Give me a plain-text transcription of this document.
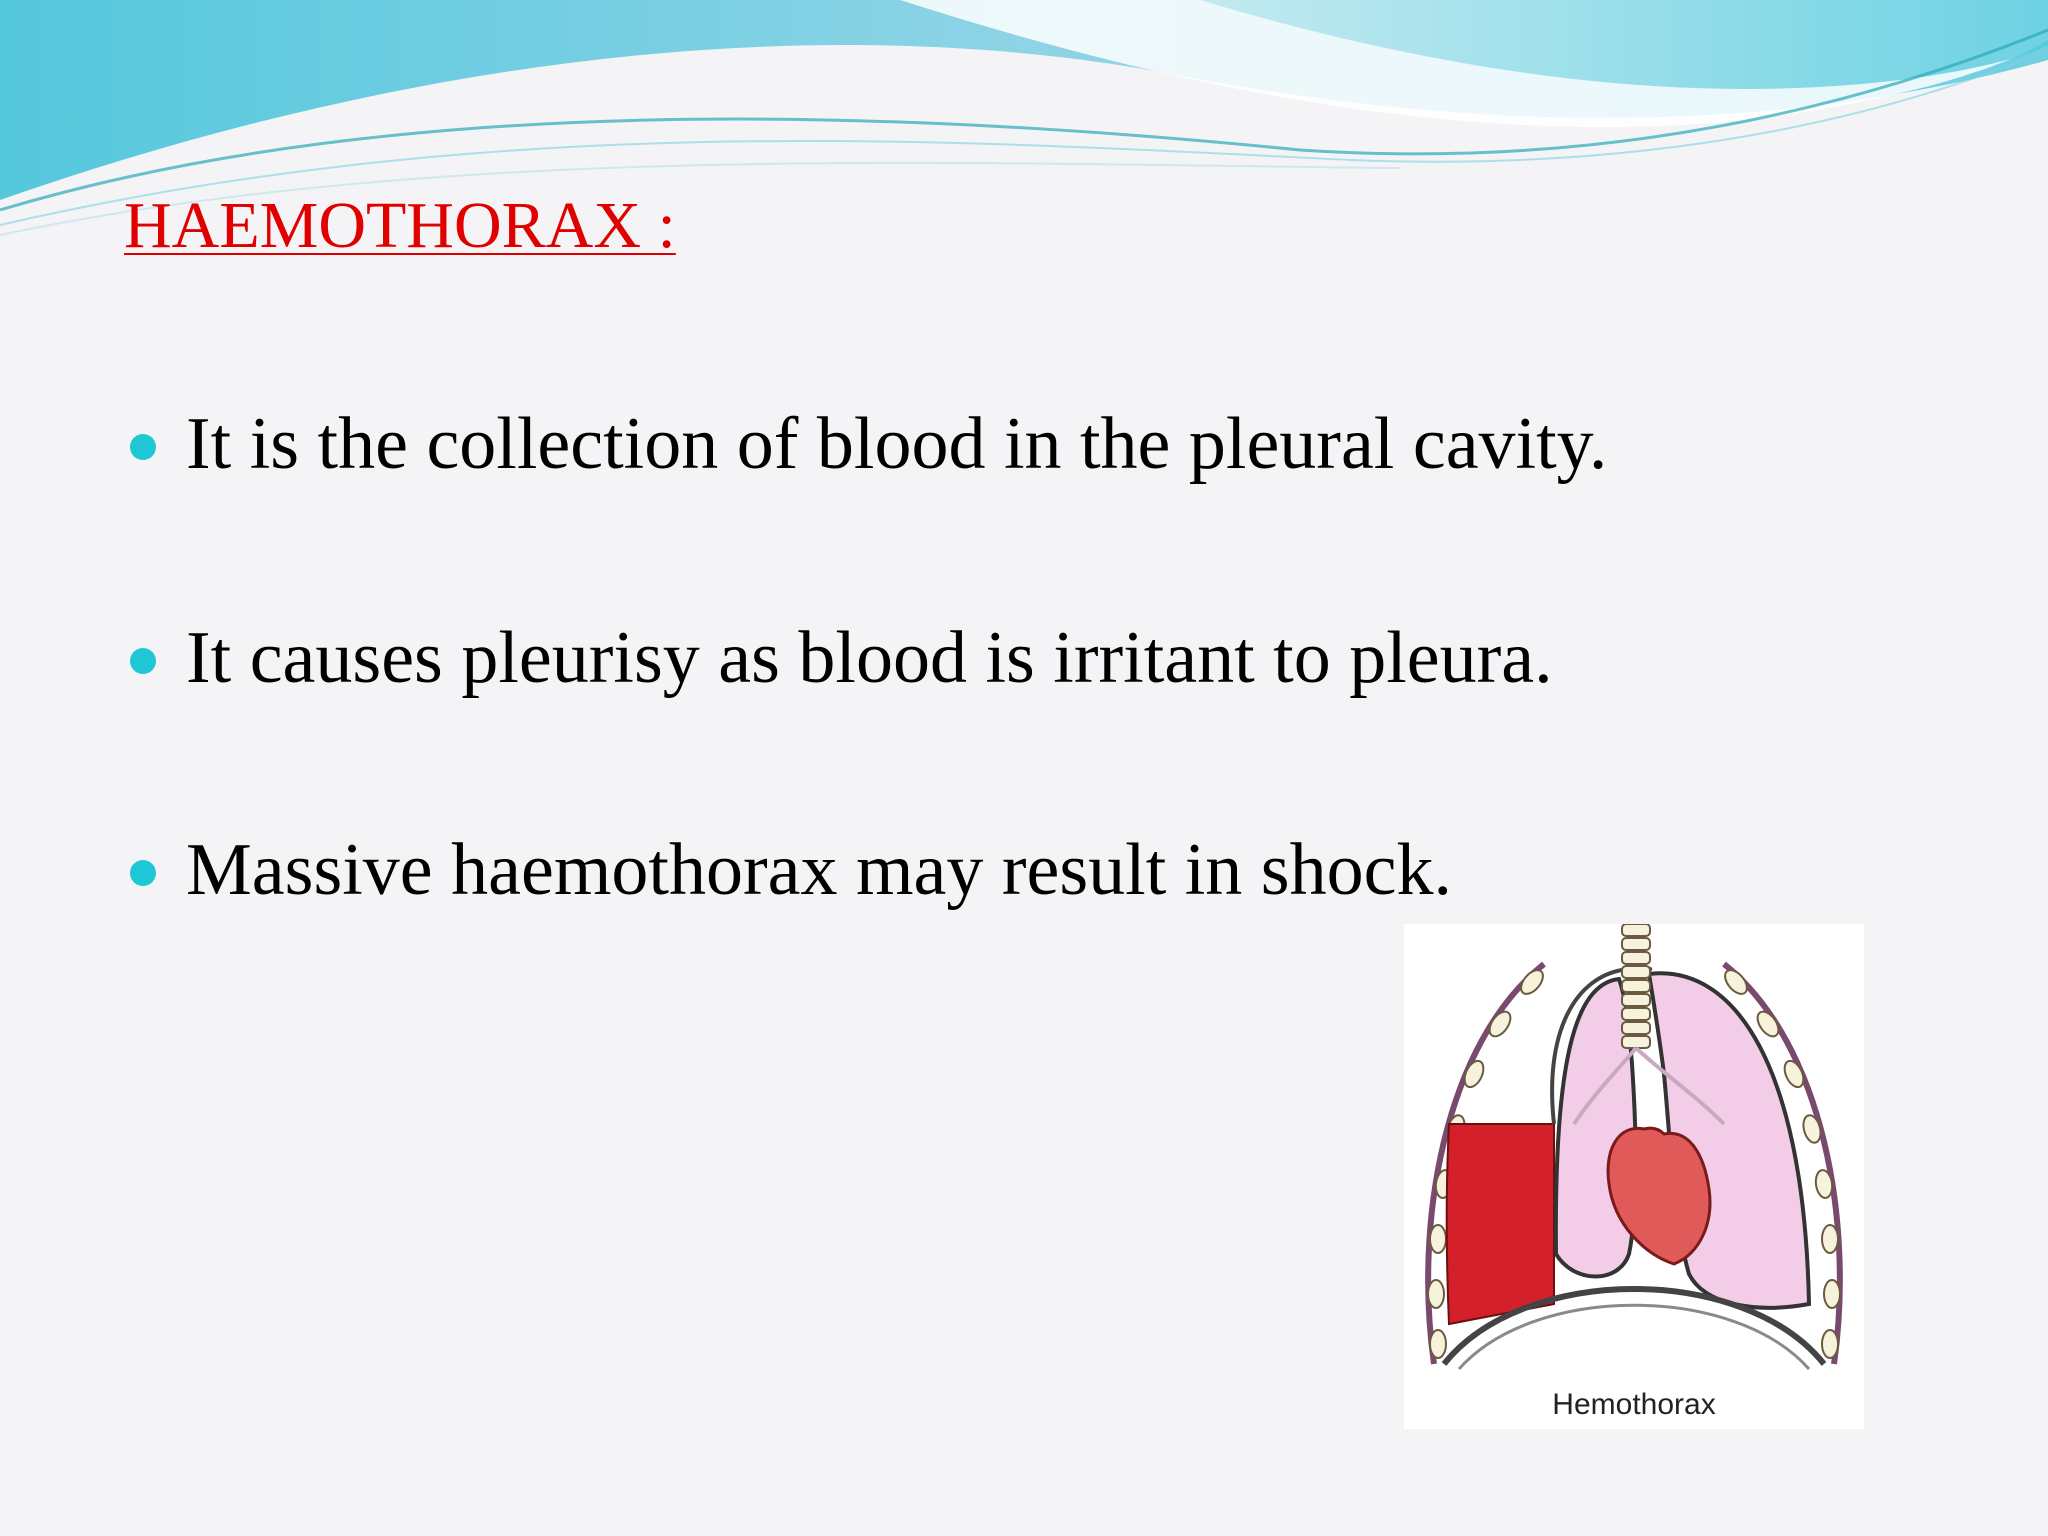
HAEMOTHORAX :
It is the collection of blood in the pleural cavity.
It causes pleurisy as blood is irritant to pleura.
Massive haemothorax may result in shock.
Hemothorax
